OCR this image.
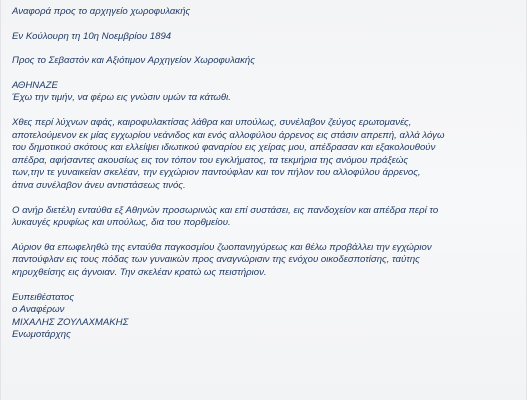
Αναφορά προς το αρχηγείο χωροφυλακής
Εν Κούλουρη τη 10η Νοεμβρίου 1894
Προς το Σεβαστόν και Αξιότιμον Αρχηγείον Χωροφυλακής
ΑΘΗΝΑΖΕ
Έχω την τιμήν, να φέρω εις γνώσιν υμών τα κάτωθι.
Χθες περί λύχνων αφάς, καιροφυλακτίσας λάθρα και υπούλως, συνέλαβον ζεύγος ερωτομανές,
αποτελούμενον εκ μίας εγχωρίου νεάνιδος και ενός αλλοφύλου άρρενος εις στάσιν απρεπή, αλλά λόγω
του δημοτικού σκότους και ελλείψει ιδιωτικού φαναρίου εις χείρας μου, απέδρασαν και εξακολουθούν
απέδρα, αφήσαντες ακουσίως εις τον τόπον του εγκλήματος, τα τεκμήρια της ανόμου πράξεώς
των,την τε γυναικείαν σκελέαν, την εγχώριον παντούφλαν και τον πήλον του αλλοφύλου άρρενος,
άτινα συνέλαβον άνευ αντιστάσεως τινός.
Ο ανήρ διετέλη ενταύθα εξ Αθηνών προσωρινώς και επί συστάσει, εις πανδοχείον και απέδρα περί το
λυκαυγές κρυφίως και υπούλως, δια του πορθμείου.
Αύριον θα επωφεληθώ της ενταύθα παγκοσμίου ζωοπανηγύρεως και θέλω προβάλλει την εγχώριον
παντούφλαν εις τους πόδας των γυναικών προς αναγνώρισιν της ενόχου οικοδεσποτίσης, ταύτης
κηρυχθείσης εις άγνοιαν. Την σκελέαν κρατώ ως πειστήριον.
Ευπειθέστατος
ο Αναφέρων
ΜΙΧΑΛΗΣ ΖΟΥΛΑΧΜΑΚΗΣ
Ενωμοτάρχης
